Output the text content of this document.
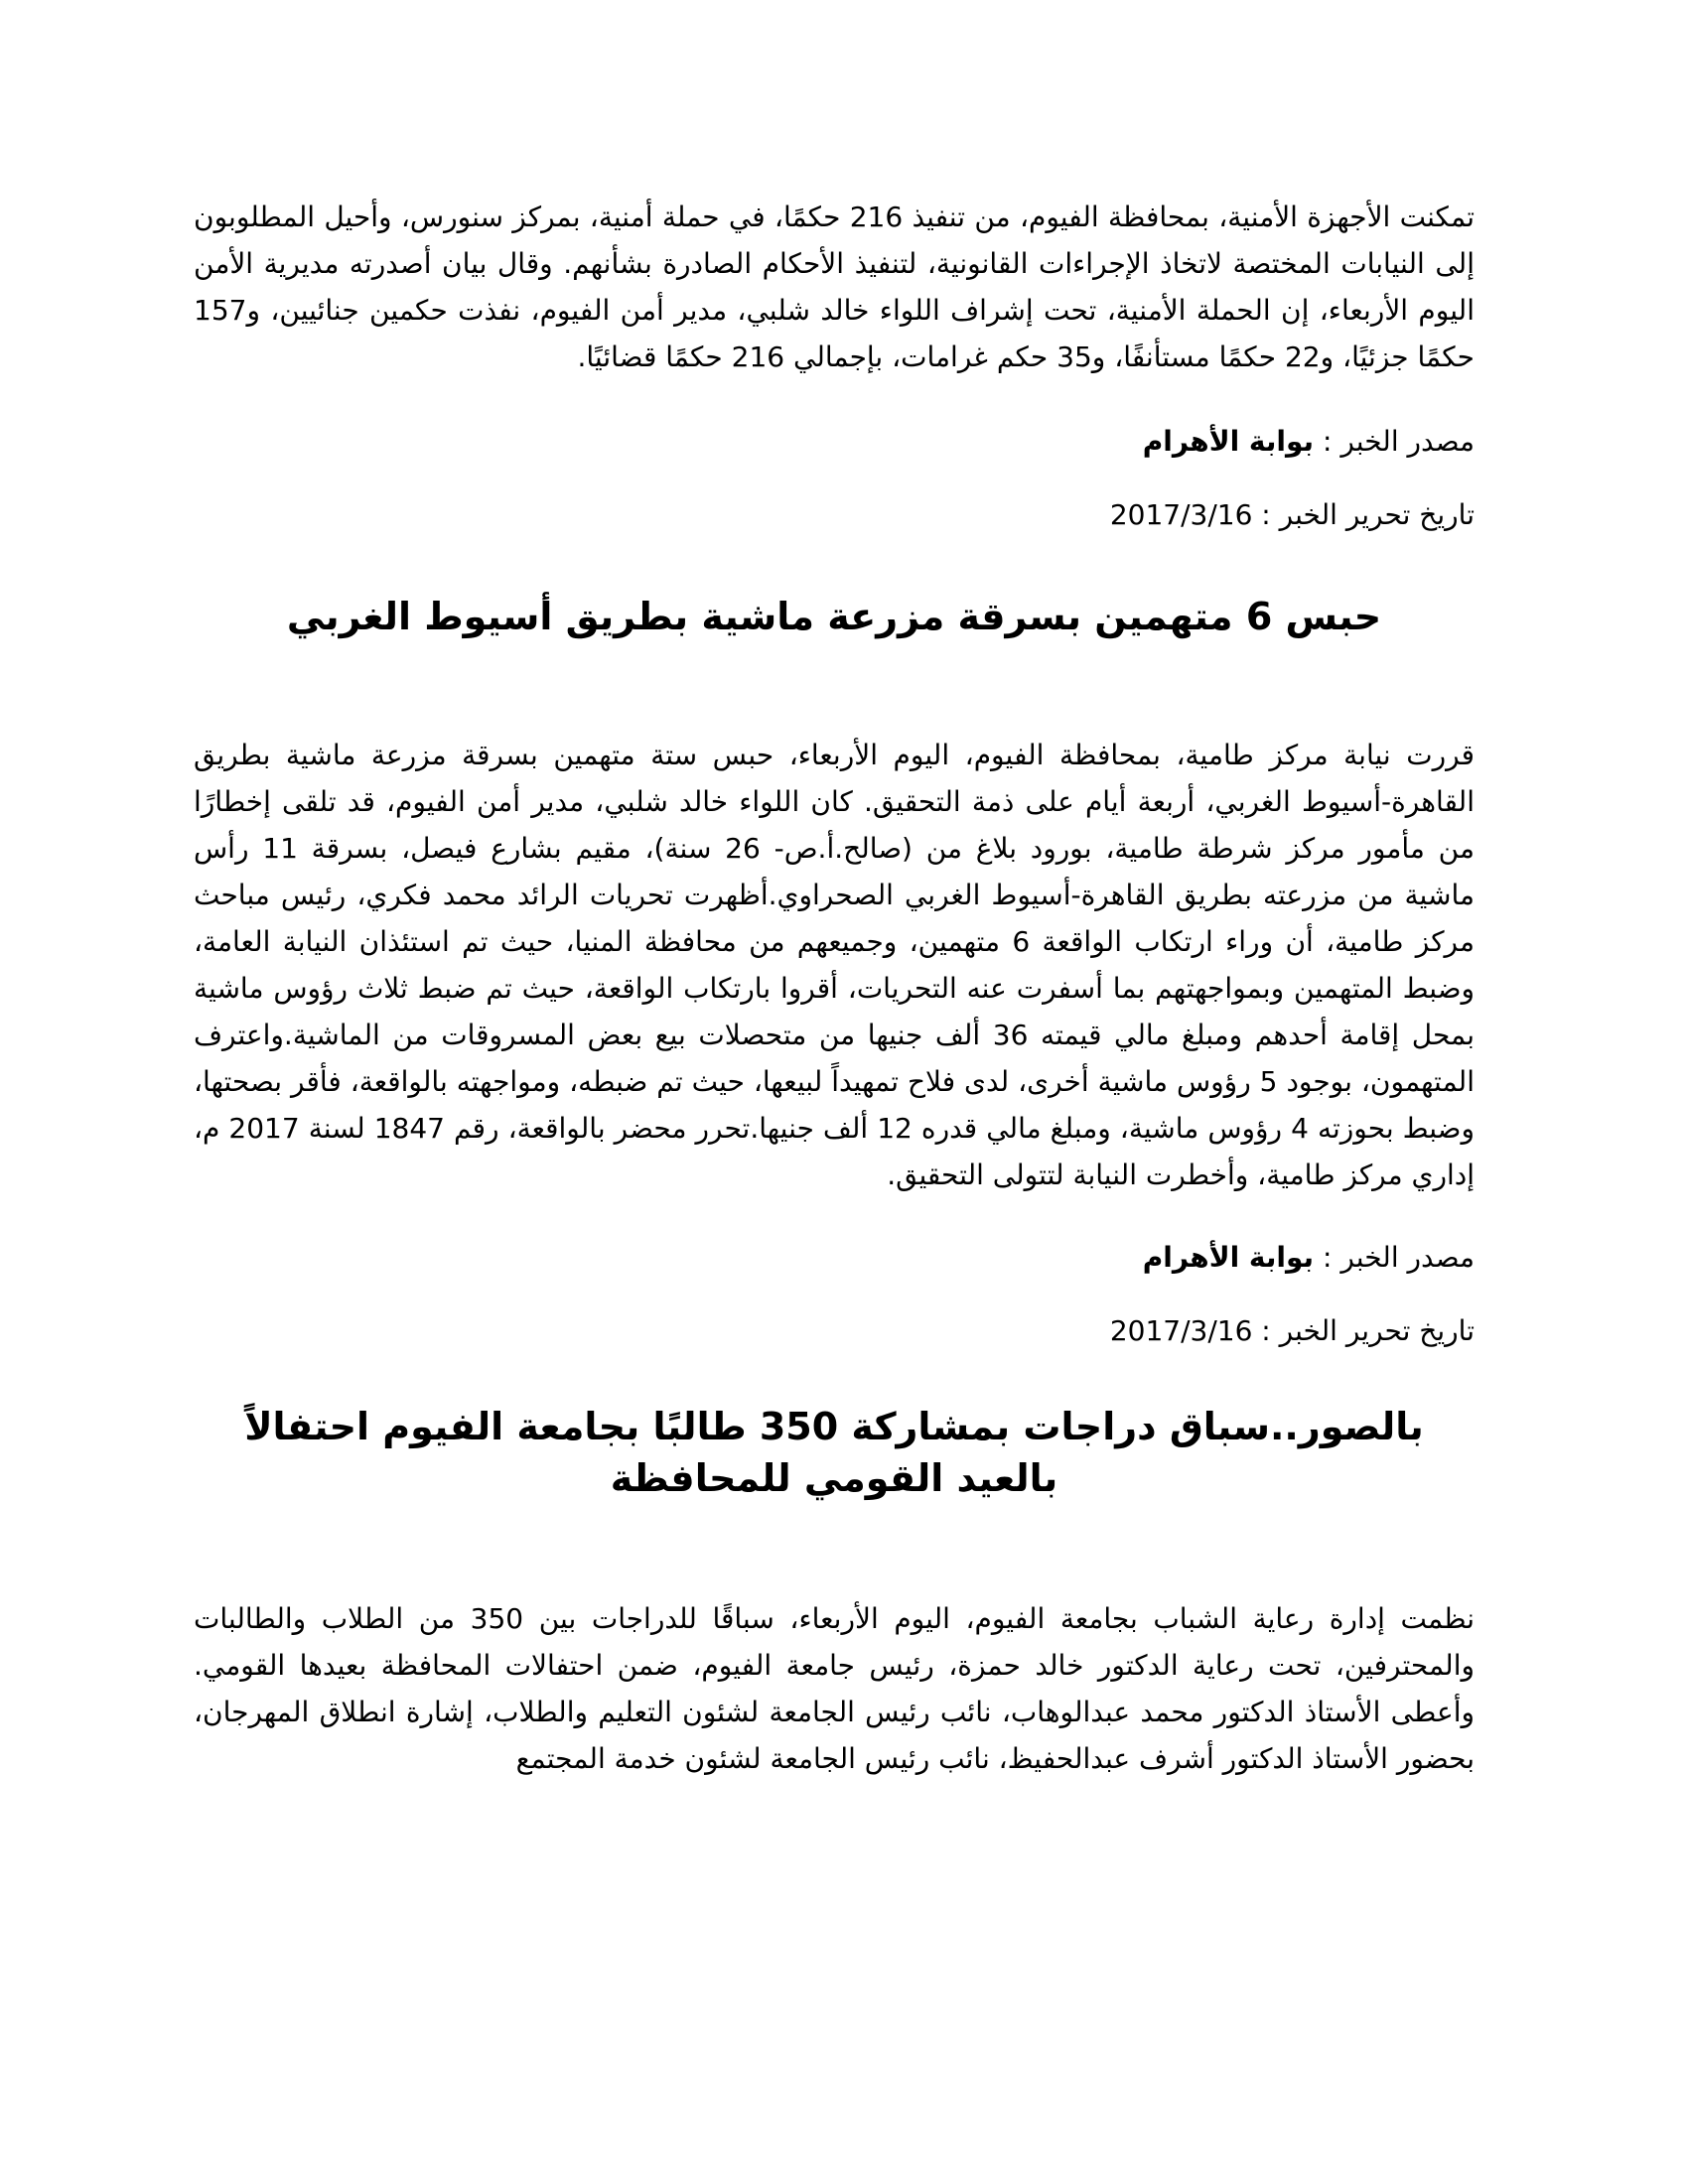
تمكنت الأجهزة الأمنية، بمحافظة الفيوم، من تنفيذ 216 حكمًا، في حملة أمنية، بمركز سنورس، وأحيل المطلوبون إلى النيابات المختصة لاتخاذ الإجراءات القانونية، لتنفيذ الأحكام الصادرة بشأنهم. وقال بيان أصدرته مديرية الأمن اليوم الأربعاء، إن الحملة الأمنية، تحت إشراف اللواء خالد شلبي، مدير أمن الفيوم، نفذت حكمين جنائيين، و157 حكمًا جزئيًا، و22 حكمًا مستأنفًا، و35 حكم غرامات، بإجمالي 216 حكمًا قضائيًا.

مصدر الخبر : بوابة الأهرام

تاريخ تحرير الخبر : 2017/3/16

حبس 6 متهمين بسرقة مزرعة ماشية بطريق أسيوط الغربي

قررت نيابة مركز طامية، بمحافظة الفيوم، اليوم الأربعاء، حبس ستة متهمين بسرقة مزرعة ماشية بطريق القاهرة-أسيوط الغربي، أربعة أيام على ذمة التحقيق. كان اللواء خالد شلبي، مدير أمن الفيوم، قد تلقى إخطارًا من مأمور مركز شرطة طامية، بورود بلاغ من (صالح.أ.ص- 26 سنة)، مقيم بشارع فيصل، بسرقة 11 رأس ماشية من مزرعته بطريق القاهرة-أسيوط الغربي الصحراوي.أظهرت تحريات الرائد محمد فكري، رئيس مباحث مركز طامية، أن وراء ارتكاب الواقعة 6 متهمين، وجميعهم من محافظة المنيا، حيث تم استئذان النيابة العامة، وضبط المتهمين وبمواجهتهم بما أسفرت عنه التحريات، أقروا بارتكاب الواقعة، حيث تم ضبط ثلاث رؤوس ماشية بمحل إقامة أحدهم ومبلغ مالي قيمته 36 ألف جنيها من متحصلات بيع بعض المسروقات من الماشية.واعترف المتهمون، بوجود 5 رؤوس ماشية أخرى، لدى فلاح تمهيداً لبيعها، حيث تم ضبطه، ومواجهته بالواقعة، فأقر بصحتها، وضبط بحوزته 4 رؤوس ماشية، ومبلغ مالي قدره 12 ألف جنيها.تحرر محضر بالواقعة، رقم 1847 لسنة 2017 م، إداري مركز طامية، وأخطرت النيابة لتتولى التحقيق.

مصدر الخبر : بوابة الأهرام

تاريخ تحرير الخبر : 2017/3/16

بالصور..سباق دراجات بمشاركة 350 طالبًا بجامعة الفيوم احتفالاً بالعيد القومي للمحافظة

نظمت إدارة رعاية الشباب بجامعة الفيوم، اليوم الأربعاء، سباقًا للدراجات بين 350 من الطلاب والطالبات والمحترفين، تحت رعاية الدكتور خالد حمزة، رئيس جامعة الفيوم، ضمن احتفالات المحافظة بعيدها القومي. وأعطى الأستاذ الدكتور محمد عبدالوهاب، نائب رئيس الجامعة لشئون التعليم والطلاب، إشارة انطلاق المهرجان، بحضور الأستاذ الدكتور أشرف عبدالحفيظ، نائب رئيس الجامعة لشئون خدمة المجتمع
